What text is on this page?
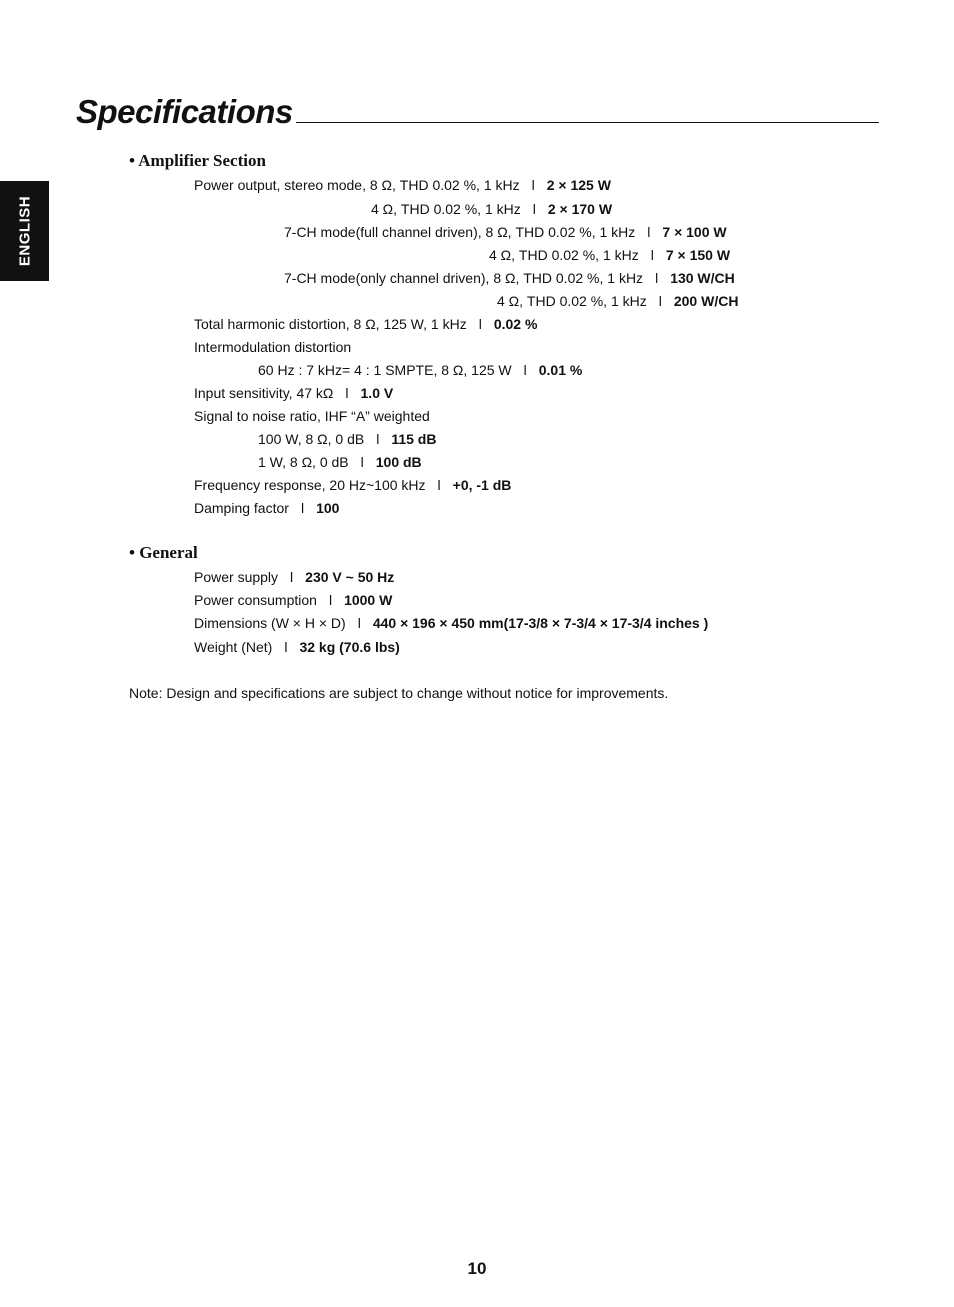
Specifications
ENGLISH
• Amplifier Section
Power output, stereo mode, 8 Ω, THD 0.02 %, 1 kHz l 2 × 125 W
4 Ω, THD 0.02 %, 1 kHz l 2 × 170 W
7-CH mode(full channel driven), 8 Ω, THD 0.02 %, 1 kHz l 7 × 100 W
4 Ω, THD 0.02 %, 1 kHz l 7 × 150 W
7-CH mode(only channel driven), 8 Ω, THD 0.02 %, 1 kHz l 130 W/CH
4 Ω, THD 0.02 %, 1 kHz l 200 W/CH
Total harmonic distortion, 8 Ω, 125 W, 1 kHz l 0.02 %
Intermodulation distortion
60 Hz : 7 kHz= 4 : 1 SMPTE, 8 Ω, 125 W l 0.01 %
Input sensitivity, 47 kΩ l 1.0 V
Signal to noise ratio, IHF “A” weighted
100 W, 8 Ω, 0 dB l 115 dB
1 W, 8 Ω, 0 dB l 100 dB
Frequency response, 20 Hz~100 kHz l +0, -1 dB
Damping factor l 100
• General
Power supply l 230 V ~ 50 Hz
Power consumption l 1000 W
Dimensions (W × H × D) l 440 × 196 × 450 mm(17-3/8 × 7-3/4 × 17-3/4 inches )
Weight (Net) l 32 kg (70.6 lbs)
Note: Design and specifications are subject to change without notice for improvements.
10
